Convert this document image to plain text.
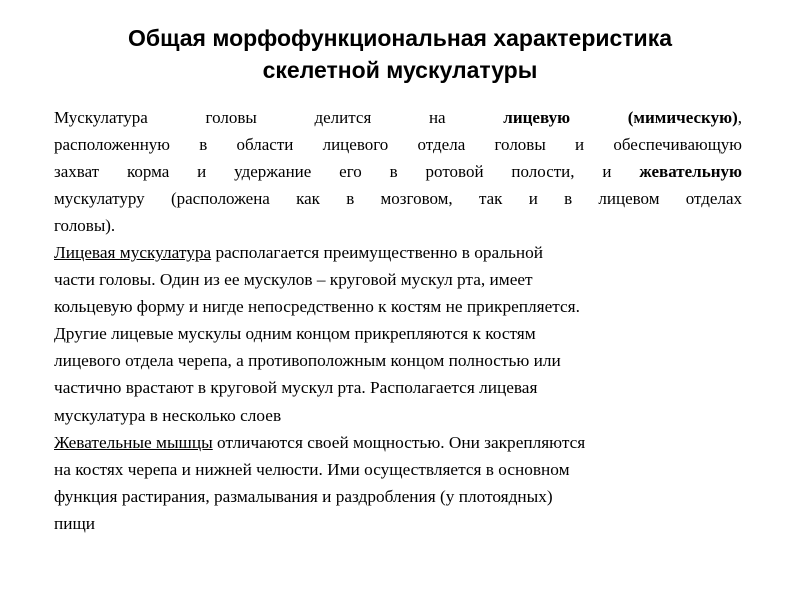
Общая морфофункциональная характеристика
скелетной мускулатуры
Мускулатура головы делится на лицевую (мимическую),
расположенную в области лицевого отдела головы и обеспечивающую
захват корма и удержание его в ротовой полости, и жевательную
мускулатуру (расположена как в мозговом, так и в лицевом отделах
головы).
Лицевая мускулатура располагается преимущественно в оральной
части головы. Один из ее мускулов – круговой мускул рта, имеет
кольцевую форму и нигде непосредственно к костям не прикрепляется.
Другие лицевые мускулы одним концом прикрепляются к костям
лицевого отдела черепа, а противоположным концом полностью или
частично врастают в круговой мускул рта. Располагается лицевая
мускулатура в несколько слоев
Жевательные мышцы отличаются своей мощностью. Они закрепляются
на костях черепа и нижней челюсти. Ими осуществляется в основном
функция растирания, размалывания и раздробления (у плотоядных)
пищи
